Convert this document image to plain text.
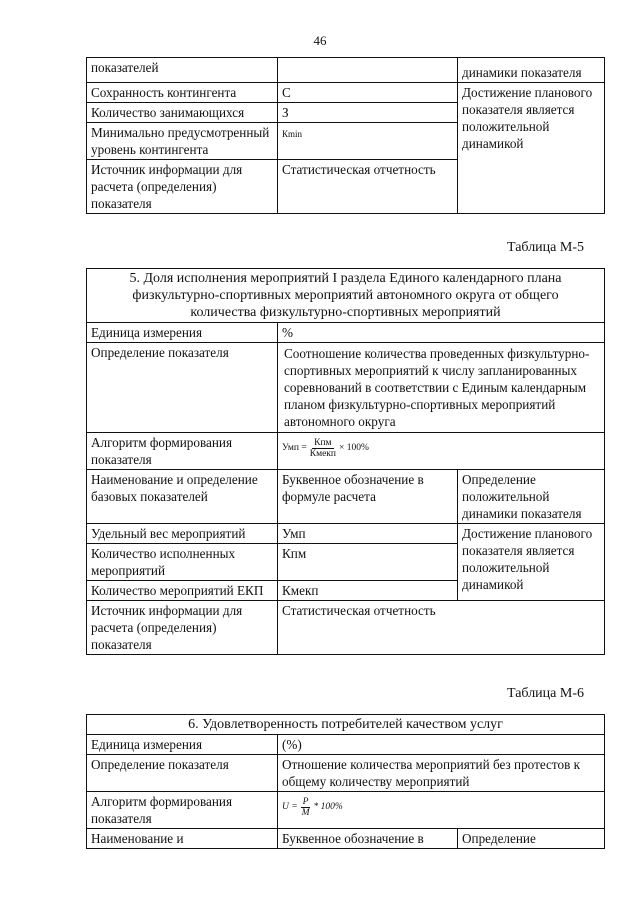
46
показателей		динамики показателя
Сохранность контингента	С	Достижение планового показателя является положительной динамикой

Количество занимающихся	З	
Минимально предусмотренный уровень контингента	Кmin	
Источник информации для расчета (определения) показателя	Статистическая отчетность	
Таблица М-5
5. Доля исполнения мероприятий I раздела Единого календарного плана физкультурно-спортивных мероприятий автономного округа от общего количества физкультурно-спортивных мероприятий		
Единица измерения	%	
Определение показателя	Соотношение количества проведенных физкультурно-спортивных мероприятий к числу запланированных соревнований в соответствии с Единым календарным планом физкультурно-спортивных мероприятий автономного округа	
Алгоритм формирования показателя	Умп = $\frac{\text{Кпм}}{\text{Кмекп}} \times 100\%$	

Наименование и определение базовых показателей	Буквенное обозначение в формуле расчета	Определение положительной динамики показателя
Удельный вес мероприятий	Умп	Достижение планового показателя является положительной динамикой
Количество исполненных мероприятий	Кпм	
Количество мероприятий ЕКП	Кмекп	
Источник информации для расчета (определения) показателя	Статистическая отчетность	
Таблица М-6
6. Удовлетворенность потребителей качеством услуг		
Единица измерения	(%)	
Определение показателя	Отношение количества мероприятий без протестов к общему количеству мероприятий	
Алгоритм формирования показателя	$U = \frac{P}{M} * 100\%$	

Наименование и	Буквенное обозначение в	Определение
